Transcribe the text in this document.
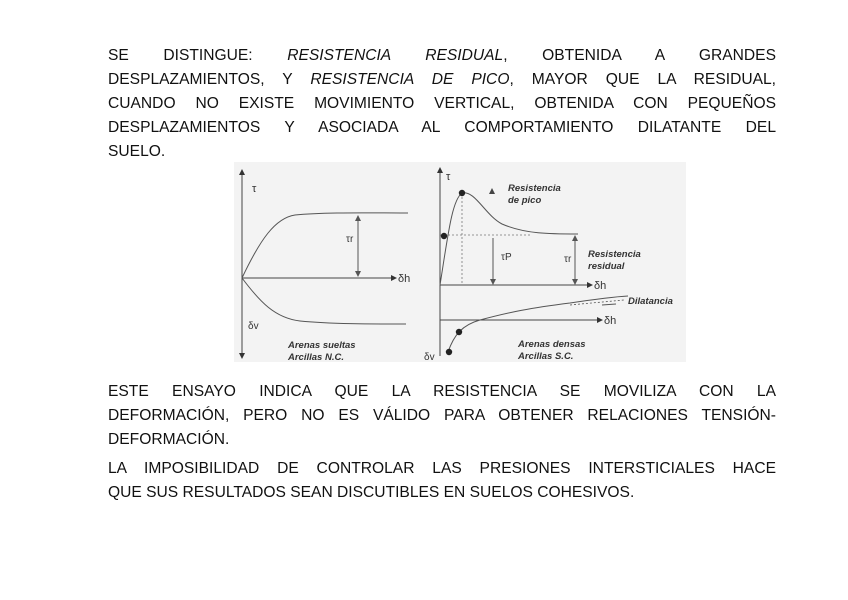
SE DISTINGUE: RESISTENCIA RESIDUAL, OBTENIDA A GRANDES
DESPLAZAMIENTOS, Y RESISTENCIA DE PICO, MAYOR QUE LA RESIDUAL,
CUANDO NO EXISTE MOVIMIENTO VERTICAL, OBTENIDA CON PEQUEÑOS
DESPLAZAMIENTOS Y ASOCIADA AL COMPORTAMIENTO DILATANTE DEL
SUELO.

τ
τr
δh
δv
Arenas sueltas
Arcillas N.C.
τ
Resistencia
de pico
τP	τr Resistencia
residual
δh
Dilatancia
δh
δv
Arenas densas
Arcillas S.C.

ESTE ENSAYO INDICA QUE LA RESISTENCIA SE MOVILIZA CON LA
DEFORMACIÓN, PERO NO ES VÁLIDO PARA OBTENER RELACIONES TENSIÓN-
DEFORMACIÓN.

LA IMPOSIBILIDAD DE CONTROLAR LAS PRESIONES INTERSTICIALES HACE
QUE SUS RESULTADOS SEAN DISCUTIBLES EN SUELOS COHESIVOS.
